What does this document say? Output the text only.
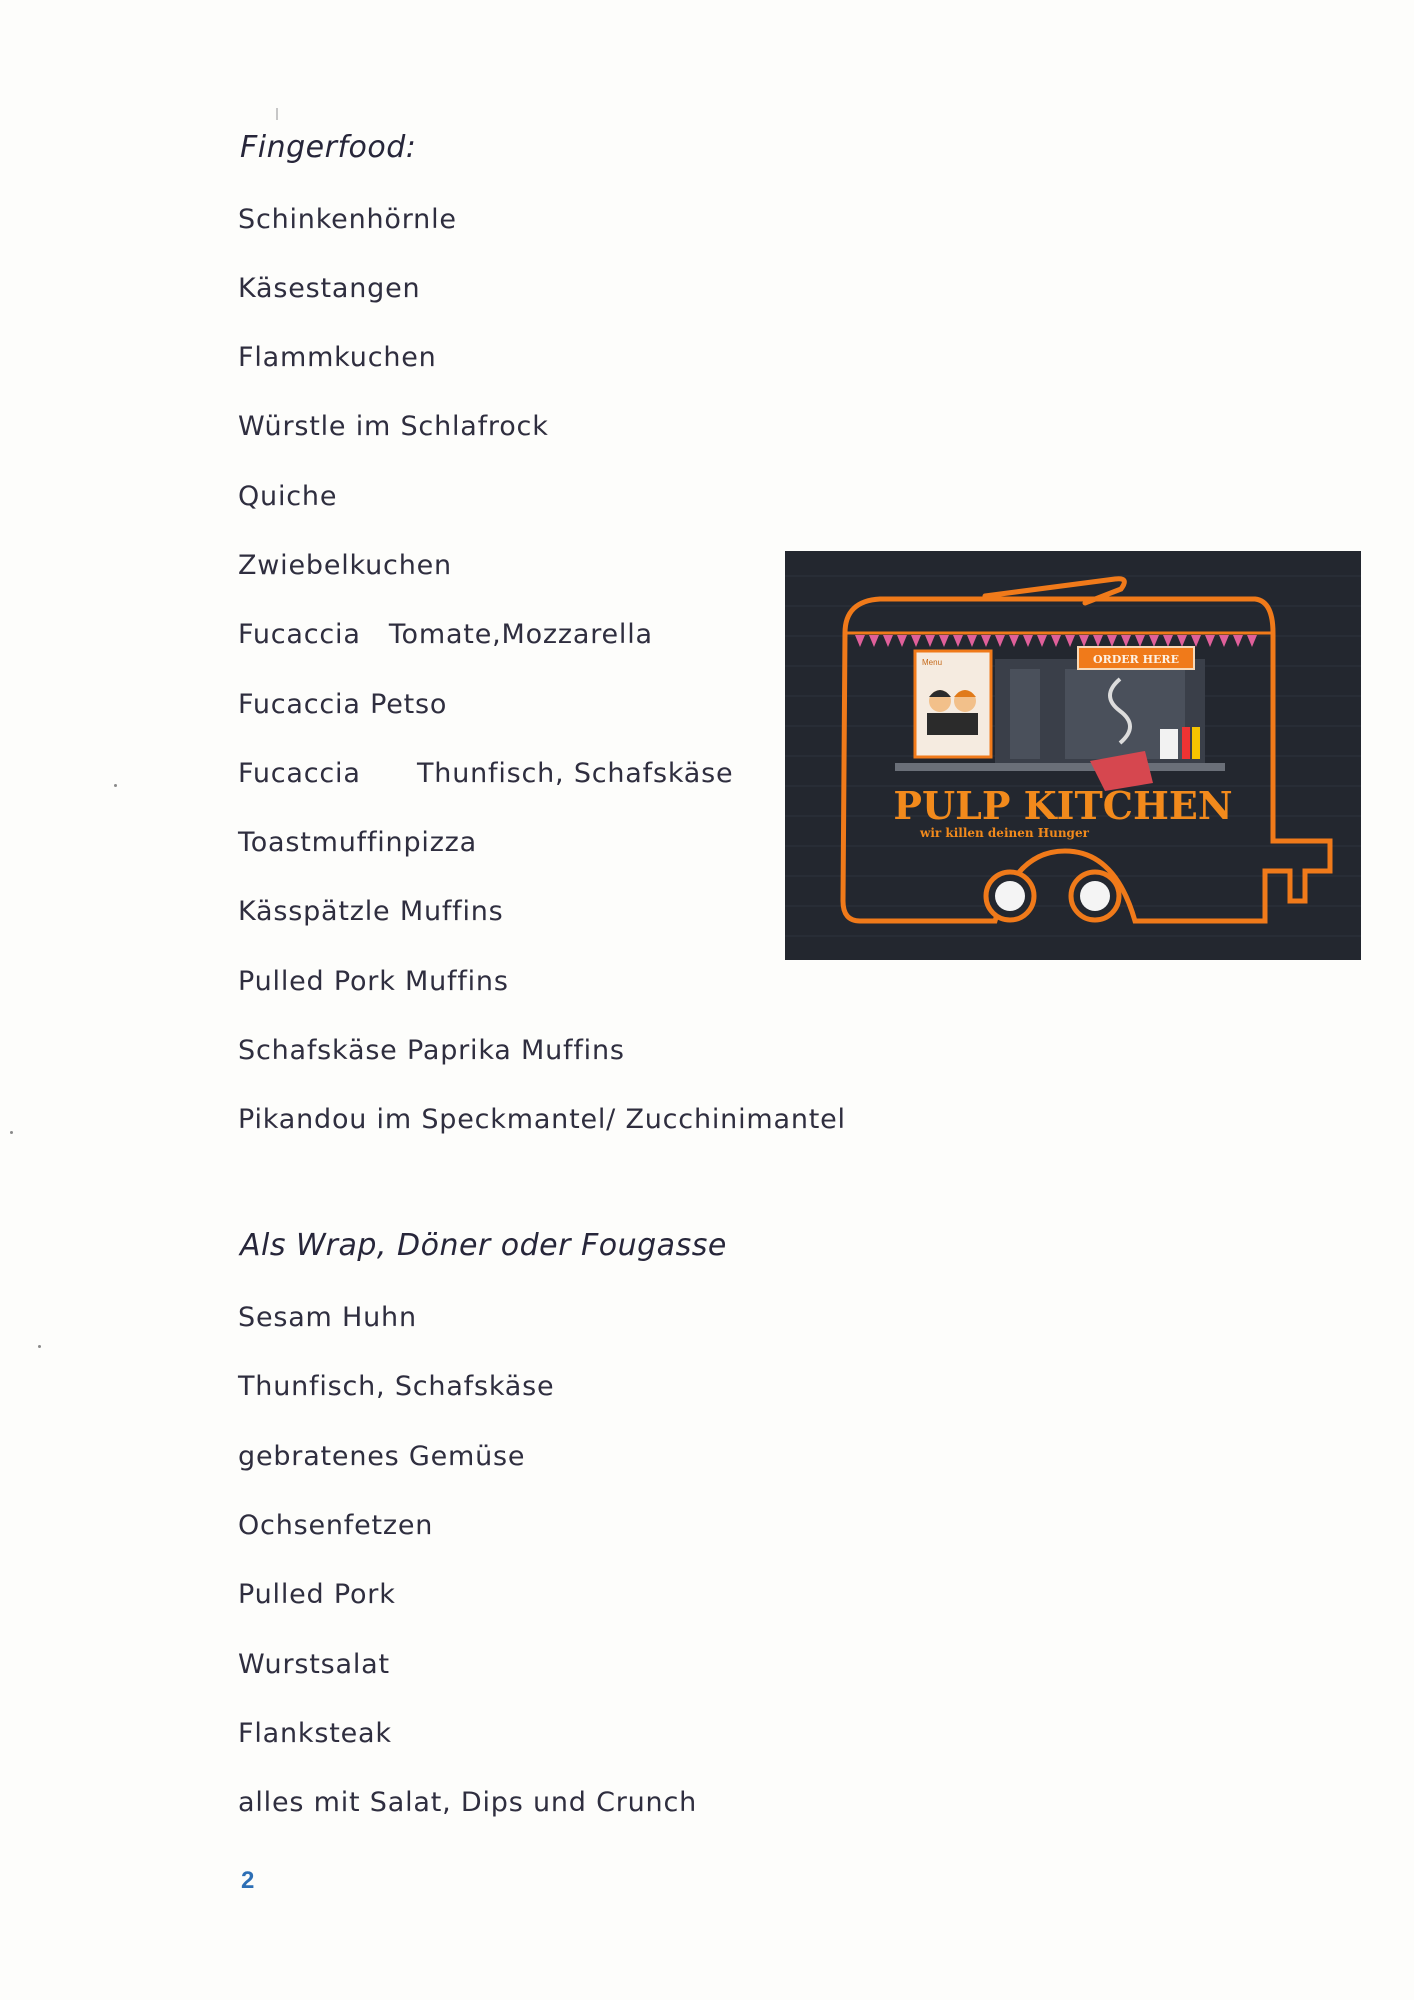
Fingerfood:
Schinkenhörnle
Käsestangen
Flammkuchen
Würstle im Schlafrock
Quiche
Zwiebelkuchen
Fucaccia   Tomate,Mozzarella
Fucaccia Petso
Fucaccia      Thunfisch, Schafskäse
Toastmuffinpizza
Kässpätzle Muffins
Pulled Pork Muffins
Schafskäse Paprika Muffins
Pikandou im Speckmantel/ Zucchinimantel
Als Wrap, Döner oder Fougasse
Sesam Huhn
Thunfisch, Schafskäse
gebratenes Gemüse
Ochsenfetzen
Pulled Pork
Wurstsalat
Flanksteak
alles mit Salat, Dips und Crunch
2
Menu	ORDER HERE
PULP KITCHEN
wir killen deinen Hunger
